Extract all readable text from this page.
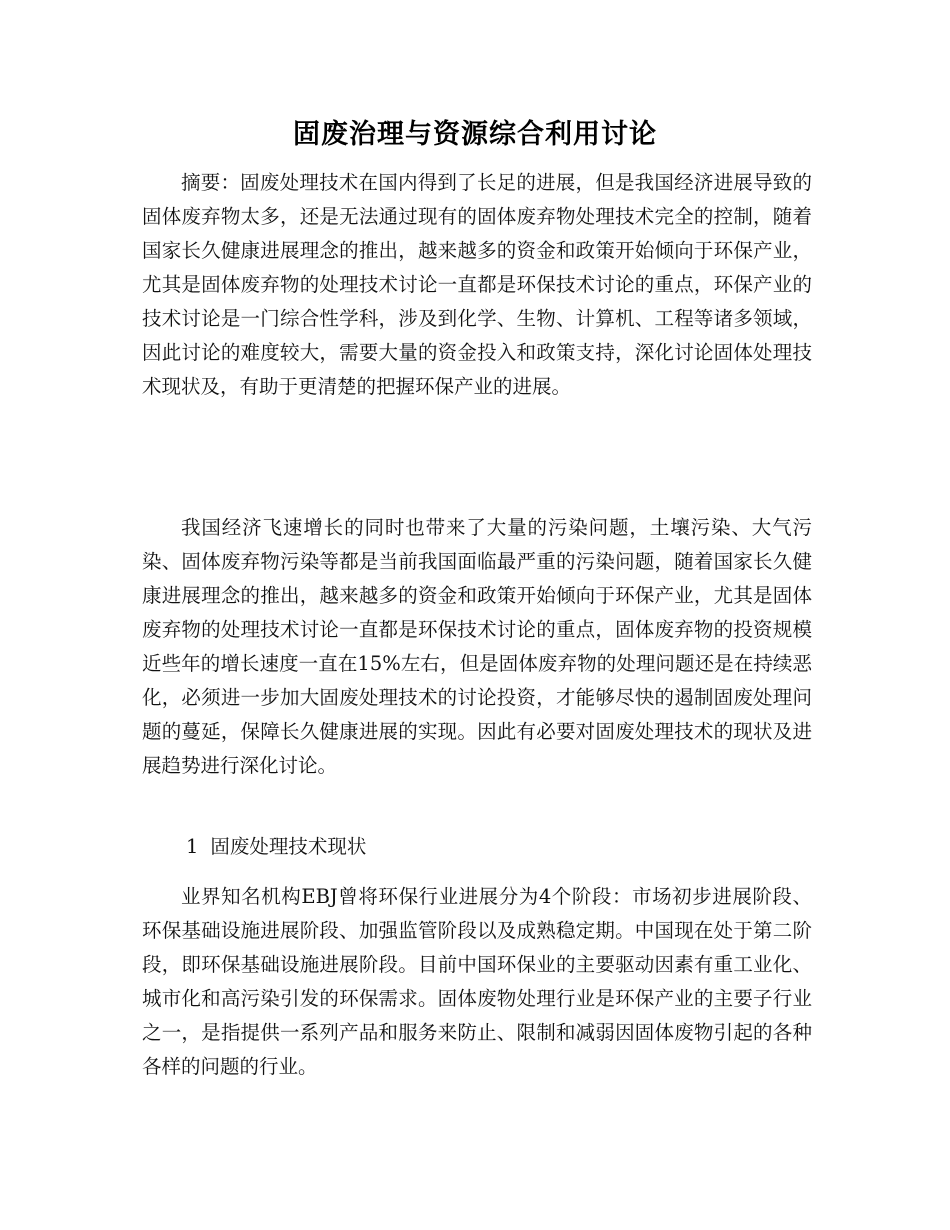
固废治理与资源综合利用讨论

摘要：固废处理技术在国内得到了长足的进展，但是我国经济进展导致的固体废弃物太多，还是无法通过现有的固体废弃物处理技术完全的控制，随着国家长久健康进展理念的推出，越来越多的资金和政策开始倾向于环保产业，尤其是固体废弃物的处理技术讨论一直都是环保技术讨论的重点，环保产业的技术讨论是一门综合性学科，涉及到化学、生物、计算机、工程等诸多领域，因此讨论的难度较大，需要大量的资金投入和政策支持，深化讨论固体处理技术现状及，有助于更清楚的把握环保产业的进展。

我国经济飞速增长的同时也带来了大量的污染问题，土壤污染、大气污染、固体废弃物污染等都是当前我国面临最严重的污染问题，随着国家长久健康进展理念的推出，越来越多的资金和政策开始倾向于环保产业，尤其是固体废弃物的处理技术讨论一直都是环保技术讨论的重点，固体废弃物的投资规模近些年的增长速度一直在15%左右，但是固体废弃物的处理问题还是在持续恶化，必须进一步加大固废处理技术的讨论投资，才能够尽快的遏制固废处理问题的蔓延，保障长久健康进展的实现。因此有必要对固废处理技术的现状及进展趋势进行深化讨论。

1 固废处理技术现状

业界知名机构EBJ曾将环保行业进展分为4个阶段：市场初步进展阶段、环保基础设施进展阶段、加强监管阶段以及成熟稳定期。中国现在处于第二阶段，即环保基础设施进展阶段。目前中国环保业的主要驱动因素有重工业化、城市化和高污染引发的环保需求。固体废物处理行业是环保产业的主要子行业之一，是指提供一系列产品和服务来防止、限制和减弱因固体废物引起的各种各样的问题的行业。
